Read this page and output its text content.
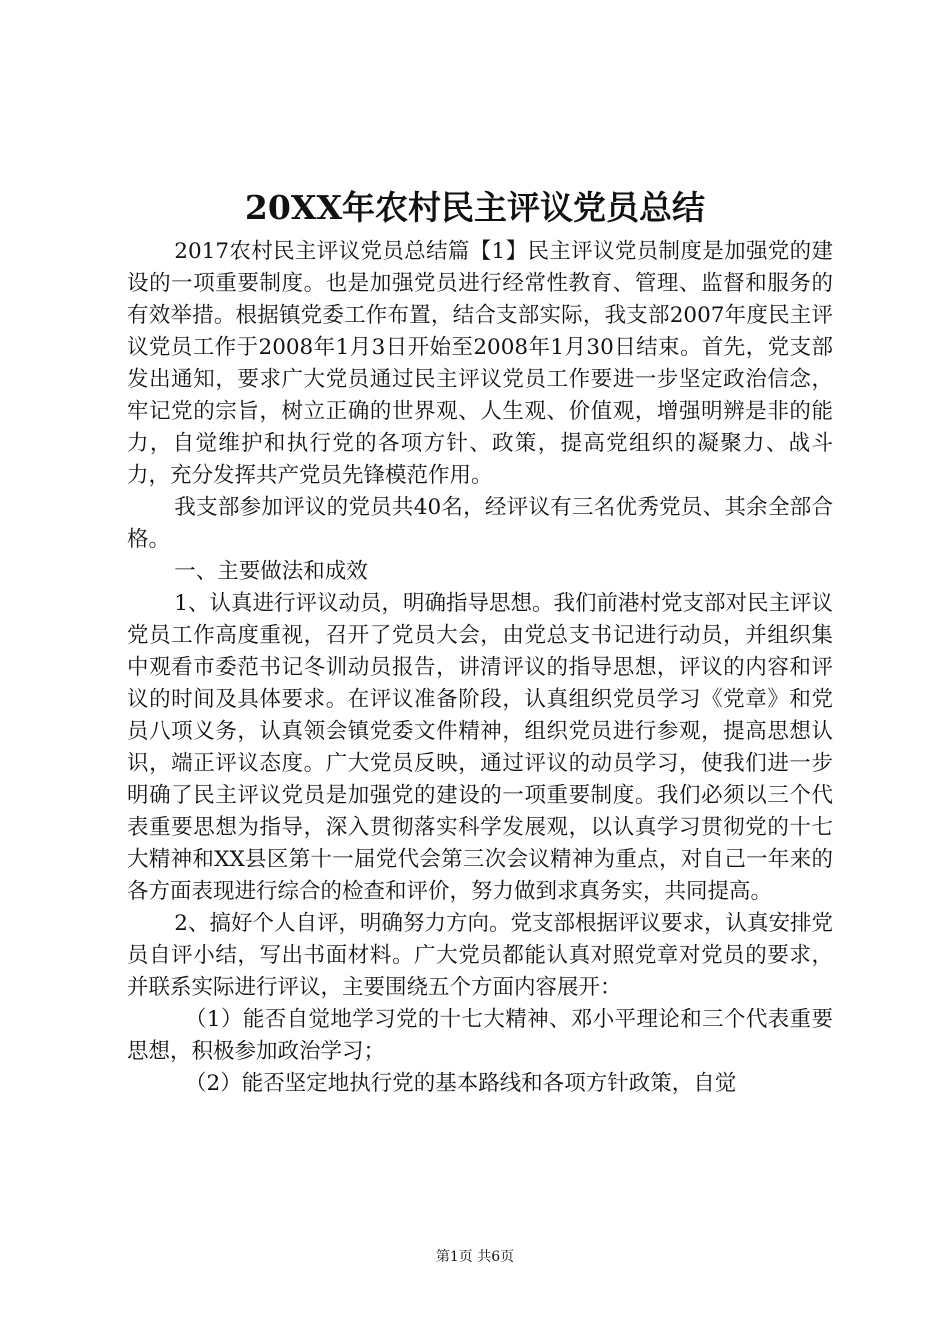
20XX年农村民主评议党员总结

2017农村民主评议党员总结篇【1】民主评议党员制度是加强党的建设的一项重要制度。也是加强党员进行经常性教育、管理、监督和服务的有效举措。根据镇党委工作布置，结合支部实际，我支部2007年度民主评议党员工作于2008年1月3日开始至2008年1月30日结束。首先，党支部发出通知，要求广大党员通过民主评议党员工作要进一步坚定政治信念，牢记党的宗旨，树立正确的世界观、人生观、价值观，增强明辨是非的能力，自觉维护和执行党的各项方针、政策，提高党组织的凝聚力、战斗力，充分发挥共产党员先锋模范作用。

我支部参加评议的党员共40名，经评议有三名优秀党员、其余全部合格。

一、主要做法和成效

1、认真进行评议动员，明确指导思想。我们前港村党支部对民主评议党员工作高度重视，召开了党员大会，由党总支书记进行动员，并组织集中观看市委范书记冬训动员报告，讲清评议的指导思想，评议的内容和评议的时间及具体要求。在评议准备阶段，认真组织党员学习《党章》和党员八项义务，认真领会镇党委文件精神，组织党员进行参观，提高思想认识，端正评议态度。广大党员反映，通过评议的动员学习，使我们进一步明确了民主评议党员是加强党的建设的一项重要制度。我们必须以三个代表重要思想为指导，深入贯彻落实科学发展观，以认真学习贯彻党的十七大精神和XX县区第十一届党代会第三次会议精神为重点，对自己一年来的各方面表现进行综合的检查和评价，努力做到求真务实，共同提高。

2、搞好个人自评，明确努力方向。党支部根据评议要求，认真安排党员自评小结，写出书面材料。广大党员都能认真对照党章对党员的要求，并联系实际进行评议，主要围绕五个方面内容展开：

（1）能否自觉地学习党的十七大精神、邓小平理论和三个代表重要思想，积极参加政治学习；

（2）能否坚定地执行党的基本路线和各项方针政策，自觉

第1页 共6页
